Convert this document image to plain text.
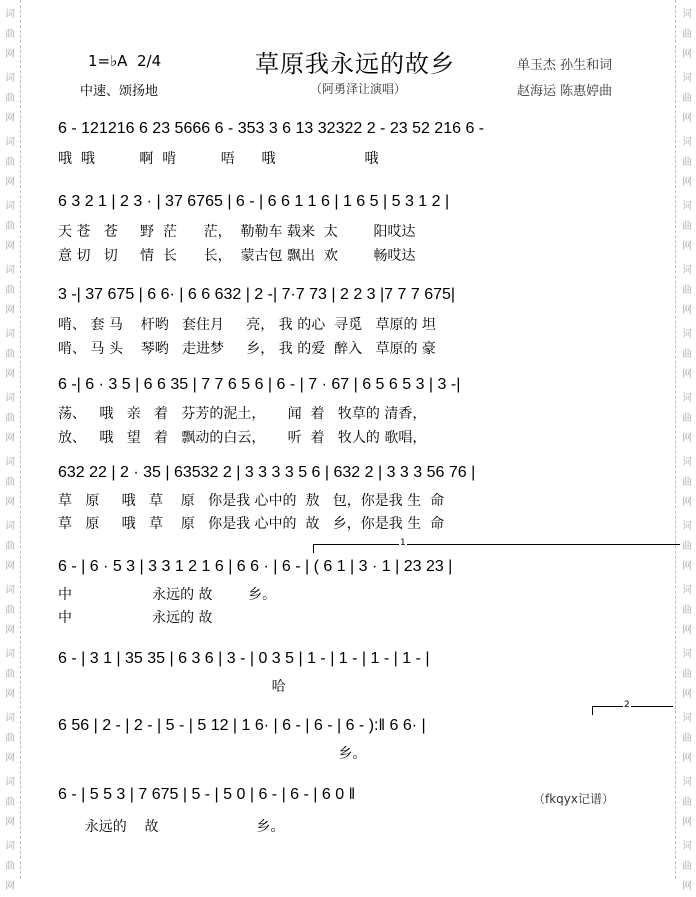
词
曲
网
词
曲
网
词
曲
网
词
曲
网
词
曲
网
词
曲
网
词
曲
网
词
曲
网
词
曲
网
词
曲
网
词
曲
网
词
曲
网
词
曲
网
词
曲
网
词
曲
网
词
曲
网
词
曲
网
词
曲
网
词
曲
网
词
曲
网
词
曲
网
词
曲
网
词
曲
网
词
曲
网
词
曲
网
词
曲
网
词
曲
网
词
曲
网
1=♭A  2/4	草原我永远的故乡	单玉杰 孙生和词
中速、颂扬地	（阿勇泽让演唱）	赵海运 陈惠婷曲
6 - 121216 6 23 5666 6 - 353 3 6 13 32322 2 - 23 52 216 6 -
哦  哦          啊  啃          唔      哦                    哦
6 3 2 1 | 2 3 · | 37 6765 | 6 - | 6 6 1 1 6 | 1 6 5 | 5 3 1 2 |
天 苍   苍     野  茫      茫，  勒勒车 载来  太        阳哎达
意 切   切     情  长      长，  蒙古包 飘出  欢        畅哎达
3 -| 37 675 | 6 6· | 6 6 632 | 2 -| 7·7 73 | 2 2 3 |7 7 7 675|
啃、 套 马    杆哟   套住月     亮， 我 的心  寻觅   草原的 坦
啃、 马 头    琴哟   走进梦     乡， 我 的爱  醉入   草原的 豪
6 -| 6 · 3 5 | 6 6 35 | 7 7 6 5 6 | 6 - | 7 · 67 | 6 5 6 5 3 | 3 -|
荡、   哦   亲   着   芬芳的泥土，     闻  着   牧草的 清香，
放、   哦   望   着   飘动的白云，     听  着   牧人的 歌唱，
632 22 | 2 · 35 | 63532 2 | 3 3 3 3 5 6 | 632 2 | 3 3 3 56 76 |
草   原     哦   草    原   你是我 心中的  敖   包，你是我 生  命
草   原     哦   草    原   你是我 心中的  故   乡，你是我 生  命
6 - | 6 · 5 3 | 3 3 1 2 1 6 | 6 6 · | 6 - | ( 6 1 | 3 · 1 | 23 23 |
中                  永远的 故        乡。
中                  永远的 故
6 - | 3 1 | 35 35 | 6 3 6 | 3 - | 0 3 5 | 1 - | 1 - | 1 - | 1 - |
哈
6 56 | 2 - | 2 - | 5 - | 5 12 | 1 6· | 6 - | 6 - | 6 - ):‖ 6 6· |
乡。
6 - | 5 5 3 | 7 675 | 5 - | 5 0 | 6 - | 6 - | 6 0 ‖
永远的    故                      乡。
1
2
（fkqyx记谱）
